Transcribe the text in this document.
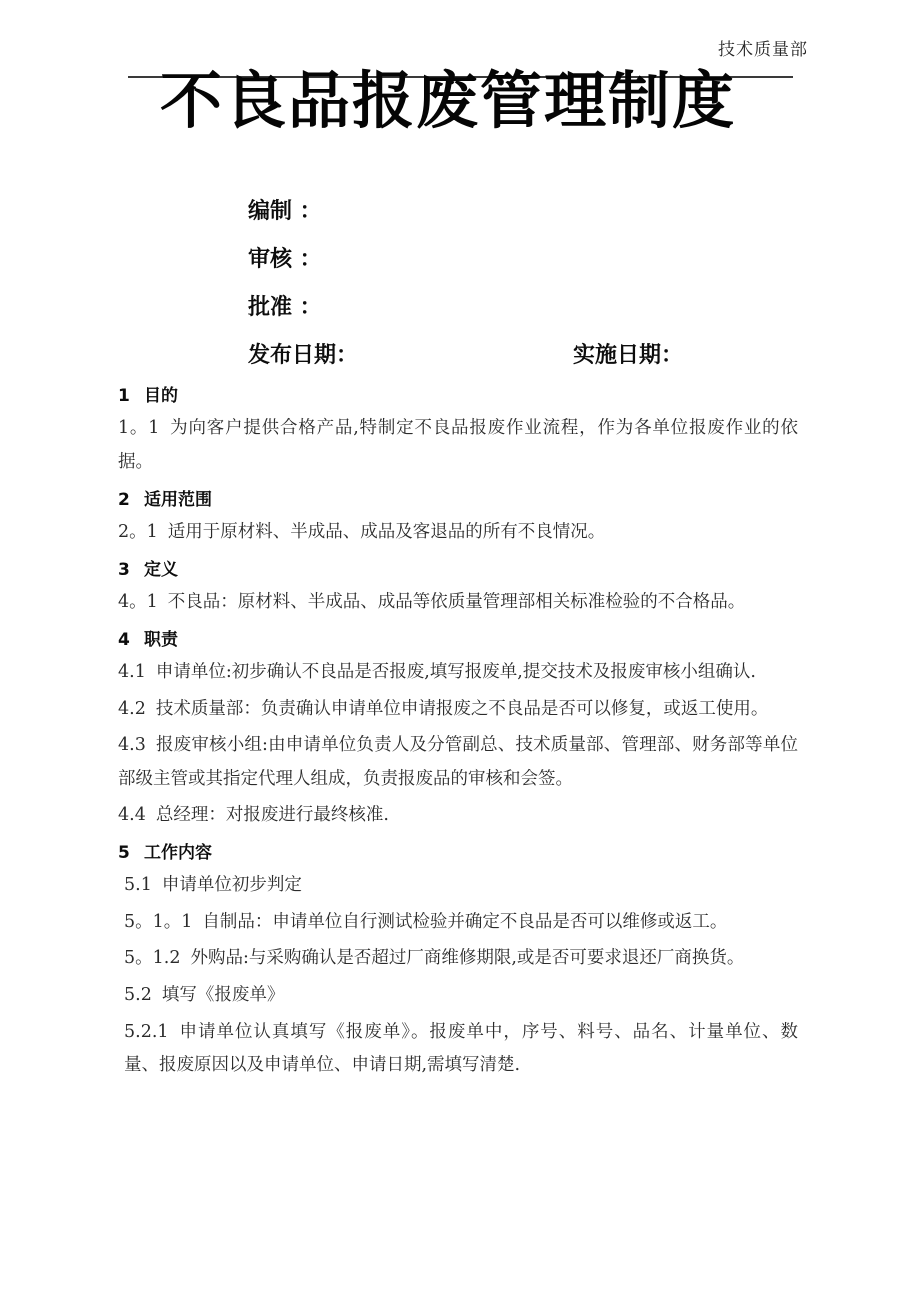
技术质量部
不良品报废管理制度
编制 ：
审核 ：
批准 ：
发布日期：	实施日期：
1 目的
1。1 为向客户提供合格产品,特制定不良品报废作业流程，作为各单位报废作业的依据。
2 适用范围
2。1 适用于原材料、半成品、成品及客退品的所有不良情况。
3 定义
4。1 不良品：原材料、半成品、成品等依质量管理部相关标准检验的不合格品。
4 职责
4.1 申请单位:初步确认不良品是否报废,填写报废单,提交技术及报废审核小组确认.
4.2 技术质量部：负责确认申请单位申请报废之不良品是否可以修复，或返工使用。
4.3 报废审核小组:由申请单位负责人及分管副总、技术质量部、管理部、财务部等单位部级主管或其指定代理人组成，负责报废品的审核和会签。
4.4 总经理：对报废进行最终核准.
5 工作内容
5.1 申请单位初步判定
5。1。1 自制品：申请单位自行测试检验并确定不良品是否可以维修或返工。
5。1.2 外购品:与采购确认是否超过厂商维修期限,或是否可要求退还厂商换货。
5.2 填写《报废单》
5.2.1 申请单位认真填写《报废单》。报废单中，序号、料号、品名、计量单位、数量、报废原因以及申请单位、申请日期,需填写清楚.
